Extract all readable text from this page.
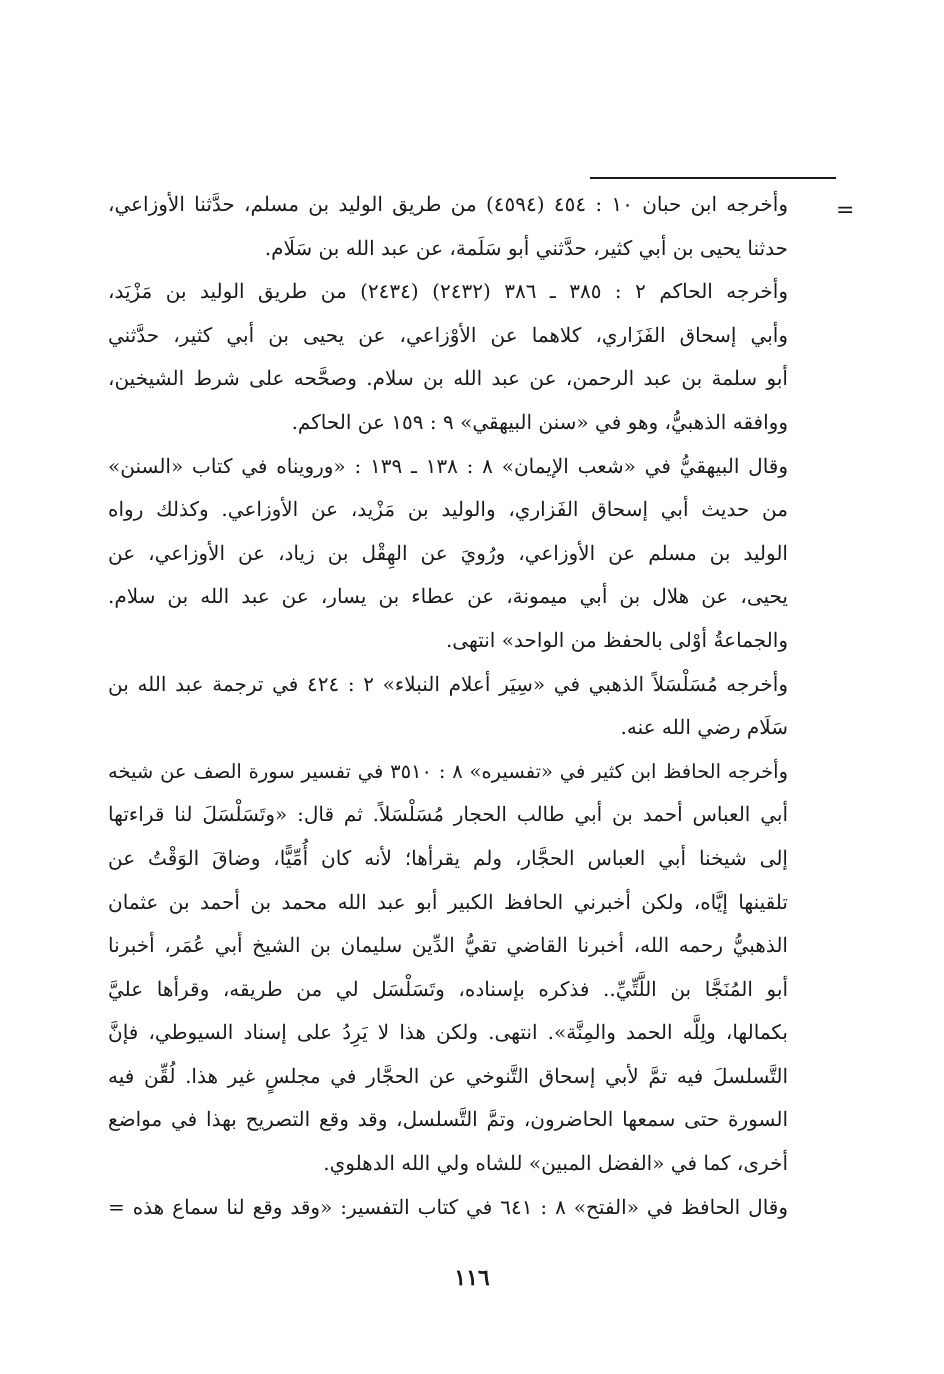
=
وأخرجه ابن حبان ١٠ : ٤٥٤ (٤٥٩٤) من طريق الوليد بن مسلم، حدَّثنا الأوزاعي،
حدثنا يحيى بن أبي كثير، حدَّثني أبو سَلَمة، عن عبد الله بن سَلَام.
وأخرجه الحاكم ٢ : ٣٨٥ ـ ٣٨٦ (٢٤٣٢) (٢٤٣٤) من طريق الوليد بن مَزْيَد،
وأبي إسحاق الفَزَاري، كلاهما عن الأوْزاعي، عن يحيى بن أبي كثير، حدَّثني
أبو سلمة بن عبد الرحمن، عن عبد الله بن سلام. وصحَّحه على شرط الشيخين،
ووافقه الذهبيُّ، وهو في «سنن البيهقي» ٩ : ١٥٩ عن الحاكم.
وقال البيهقيُّ في «شعب الإيمان» ٨ : ١٣٨ ـ ١٣٩ : «ورويناه في كتاب «السنن»
من حديث أبي إسحاق الفَزاري، والوليد بن مَزْيد، عن الأوزاعي. وكذلك رواه
الوليد بن مسلم عن الأوزاعي، ورُويَ عن الهِقْل بن زياد، عن الأوزاعي، عن
يحيى، عن هلال بن أبي ميمونة، عن عطاء بن يسار، عن عبد الله بن سلام.
والجماعةُ أوْلى بالحفظ من الواحد» انتهى.
وأخرجه مُسَلْسَلاً الذهبي في «سِيَر أعلام النبلاء» ٢ : ٤٢٤ في ترجمة عبد الله بن
سَلَام رضي الله عنه.
وأخرجه الحافظ ابن كثير في «تفسيره» ٨ : ٣٥١٠ في تفسير سورة الصف عن شيخه
أبي العباس أحمد بن أبي طالب الحجار مُسَلْسَلاً. ثم قال: «وتَسَلْسَلَ لنا قراءتها
إلى شيخنا أبي العباس الحجَّار، ولم يقرأها؛ لأنه كان أُمِّيًّا، وضاقَ الوَقْتُ عن
تلقينها إيَّاه، ولكن أخبرني الحافظ الكبير أبو عبد الله محمد بن أحمد بن عثمان
الذهبيُّ رحمه الله، أخبرنا القاضي تقيُّ الدِّين سليمان بن الشيخ أبي عُمَر، أخبرنا
أبو المُنَجَّا بن اللَّتِّيِّ.. فذكره بإسناده، وتَسَلْسَل لي من طريقه، وقرأها عليَّ
بكمالها، ولِلَّه الحمد والمِنَّة». انتهى. ولكن هذا لا يَرِدُ على إسناد السيوطي، فإنَّ
التَّسلسلَ فيه تمَّ لأبي إسحاق التَّنوخي عن الحجَّار في مجلسٍ غير هذا. لُقِّن فيه
السورة حتى سمعها الحاضرون، وتمَّ التَّسلسل، وقد وقع التصريح بهذا في مواضع
أخرى، كما في «الفضل المبين» للشاه ولي الله الدهلوي.
وقال الحافظ في «الفتح» ٨ : ٦٤١ في كتاب التفسير: «وقد وقع لنا سماع هذه =
١١٦
